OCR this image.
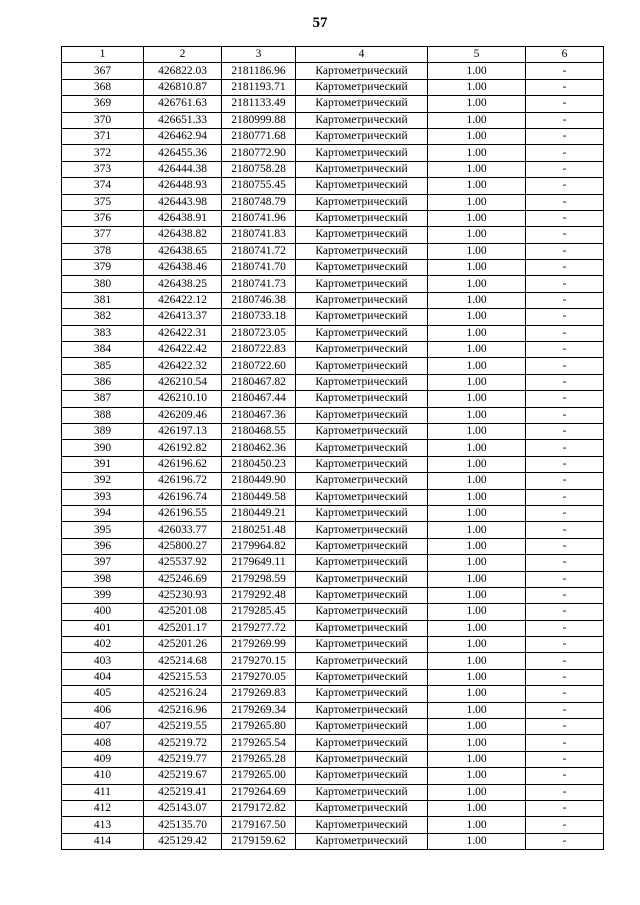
57
1	2	3	4	5	6
367	426822.03	2181186.96	Картометрический	1.00	-
368	426810.87	2181193.71	Картометрический	1.00	-
369	426761.63	2181133.49	Картометрический	1.00	-
370	426651.33	2180999.88	Картометрический	1.00	-
371	426462.94	2180771.68	Картометрический	1.00	-
372	426455.36	2180772.90	Картометрический	1.00	-
373	426444.38	2180758.28	Картометрический	1.00	-
374	426448.93	2180755.45	Картометрический	1.00	-
375	426443.98	2180748.79	Картометрический	1.00	-
376	426438.91	2180741.96	Картометрический	1.00	-
377	426438.82	2180741.83	Картометрический	1.00	-
378	426438.65	2180741.72	Картометрический	1.00	-
379	426438.46	2180741.70	Картометрический	1.00	-
380	426438.25	2180741.73	Картометрический	1.00	-
381	426422.12	2180746.38	Картометрический	1.00	-
382	426413.37	2180733.18	Картометрический	1.00	-
383	426422.31	2180723.05	Картометрический	1.00	-
384	426422.42	2180722.83	Картометрический	1.00	-
385	426422.32	2180722.60	Картометрический	1.00	-
386	426210.54	2180467.82	Картометрический	1.00	-
387	426210.10	2180467.44	Картометрический	1.00	-
388	426209.46	2180467.36	Картометрический	1.00	-
389	426197.13	2180468.55	Картометрический	1.00	-
390	426192.82	2180462.36	Картометрический	1.00	-
391	426196.62	2180450.23	Картометрический	1.00	-
392	426196.72	2180449.90	Картометрический	1.00	-
393	426196.74	2180449.58	Картометрический	1.00	-
394	426196.55	2180449.21	Картометрический	1.00	-
395	426033.77	2180251.48	Картометрический	1.00	-
396	425800.27	2179964.82	Картометрический	1.00	-
397	425537.92	2179649.11	Картометрический	1.00	-
398	425246.69	2179298.59	Картометрический	1.00	-
399	425230.93	2179292.48	Картометрический	1.00	-
400	425201.08	2179285.45	Картометрический	1.00	-
401	425201.17	2179277.72	Картометрический	1.00	-
402	425201.26	2179269.99	Картометрический	1.00	-
403	425214.68	2179270.15	Картометрический	1.00	-
404	425215.53	2179270.05	Картометрический	1.00	-
405	425216.24	2179269.83	Картометрический	1.00	-
406	425216.96	2179269.34	Картометрический	1.00	-
407	425219.55	2179265.80	Картометрический	1.00	-
408	425219.72	2179265.54	Картометрический	1.00	-
409	425219.77	2179265.28	Картометрический	1.00	-
410	425219.67	2179265.00	Картометрический	1.00	-
411	425219.41	2179264.69	Картометрический	1.00	-
412	425143.07	2179172.82	Картометрический	1.00	-
413	425135.70	2179167.50	Картометрический	1.00	-
414	425129.42	2179159.62	Картометрический	1.00	-
